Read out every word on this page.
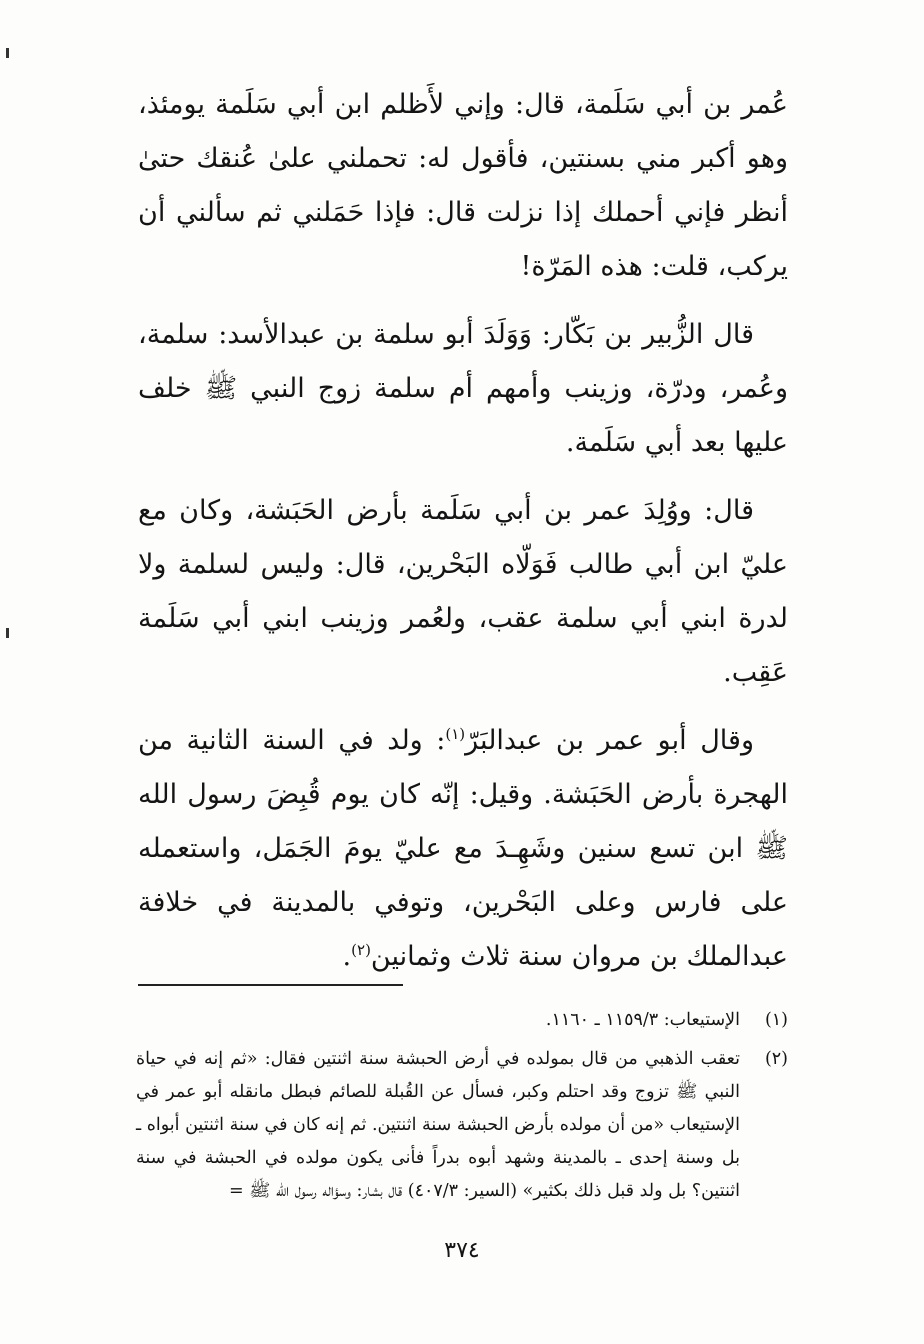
عُمر بن أبي سَلَمة، قال: وإني لأَظلم ابن أبي سَلَمة يومئذ، وهو أكبر مني بسنتين، فأقول له: تحملني علىٰ عُنقك حتىٰ أنظر فإني أحملك إذا نزلت قال: فإذا حَمَلني ثم سألني أن يركب، قلت: هذه المَرّة!

قال الزُّبير بن بَكّار: وَوَلَدَ أبو سلمة بن عبدالأسد: سلمة، وعُمر، ودرّة، وزينب وأمهم أم سلمة زوج النبي ﷺ خلف عليها بعد أبي سَلَمة.

قال: ووُلِدَ عمر بن أبي سَلَمة بأرض الحَبَشة، وكان مع عليّ ابن أبي طالب فَوَلّاه البَحْرين، قال: وليس لسلمة ولا لدرة ابني أبي سلمة عقب، ولعُمر وزينب ابني أبي سَلَمة عَقِب.

وقال أبو عمر بن عبدالبَرّ$^{(١)}$: ولد في السنة الثانية من الهجرة بأرض الحَبَشة. وقيل: إنّه كان يوم قُبِضَ رسول الله ﷺ ابن تسع سنين وشَهِـدَ مع عليّ يومَ الجَمَل، واستعمله على فارس وعلى البَحْرين، وتوفي بالمدينة في خلافة عبدالملك بن مروان سنة ثلاث وثمانين$^{(٢)}$.

(١)
الإستيعاب: ١١٥٩/٣ ـ ١١٦٠.
(٢)
تعقب الذهبي من قال بمولده في أرض الحبشة سنة اثنتين فقال: «ثم إنه في حياة النبي ﷺ تزوج وقد احتلم وكبر، فسأل عن القُبلة للصائم فبطل مانقله أبو عمر في الإستيعاب «من أن مولده بأرض الحبشة سنة اثنتين. ثم إنه كان في سنة اثنتين أبواه ـ بل وسنة إحدى ـ بالمدينة وشهد أبوه بدراً فأنى يكون مولده في الحبشة في سنة اثنتين؟ بل ولد قبل ذلك بكثير» (السير: ٤٠٧/٣) قال بشار: وسؤاله رسول الله ﷺ =
٣٧٤
